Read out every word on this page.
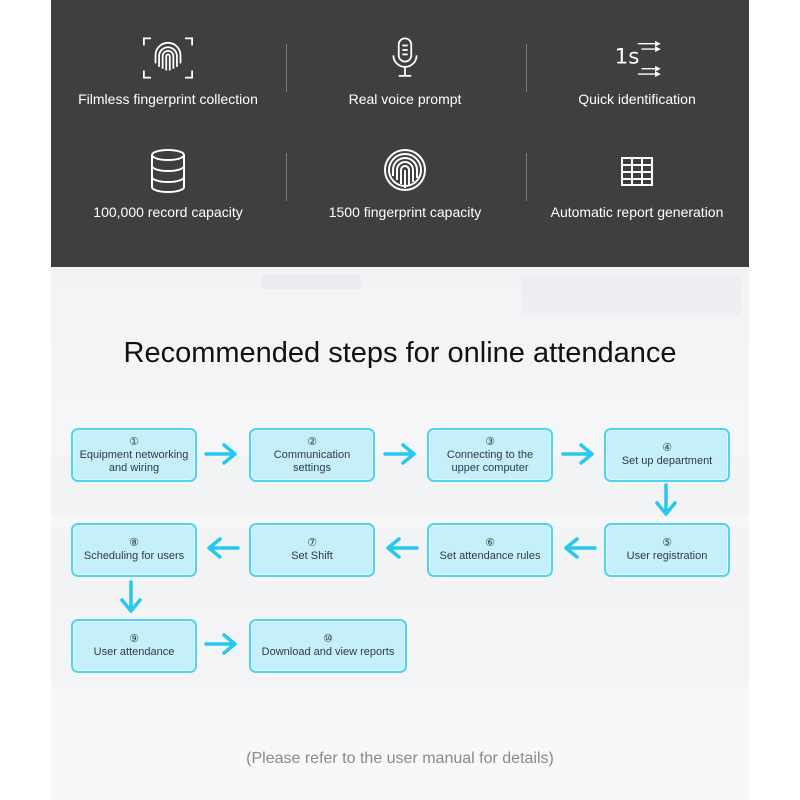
Filmless fingerprint collection	Real voice prompt
1s
Quick identification
100,000 record capacity	1500 fingerprint capacity	Automatic report generation
Recommended steps for online attendance
①
Equipment networking and wiring
②
Communication settings
③
Connecting to the upper computer
④
Set up department
⑤
User registration
⑥
Set attendance rules
⑦
Set Shift
⑧
Scheduling for users
⑨
User attendance
⑩
Download and view reports
(Please refer to the user manual for details)
